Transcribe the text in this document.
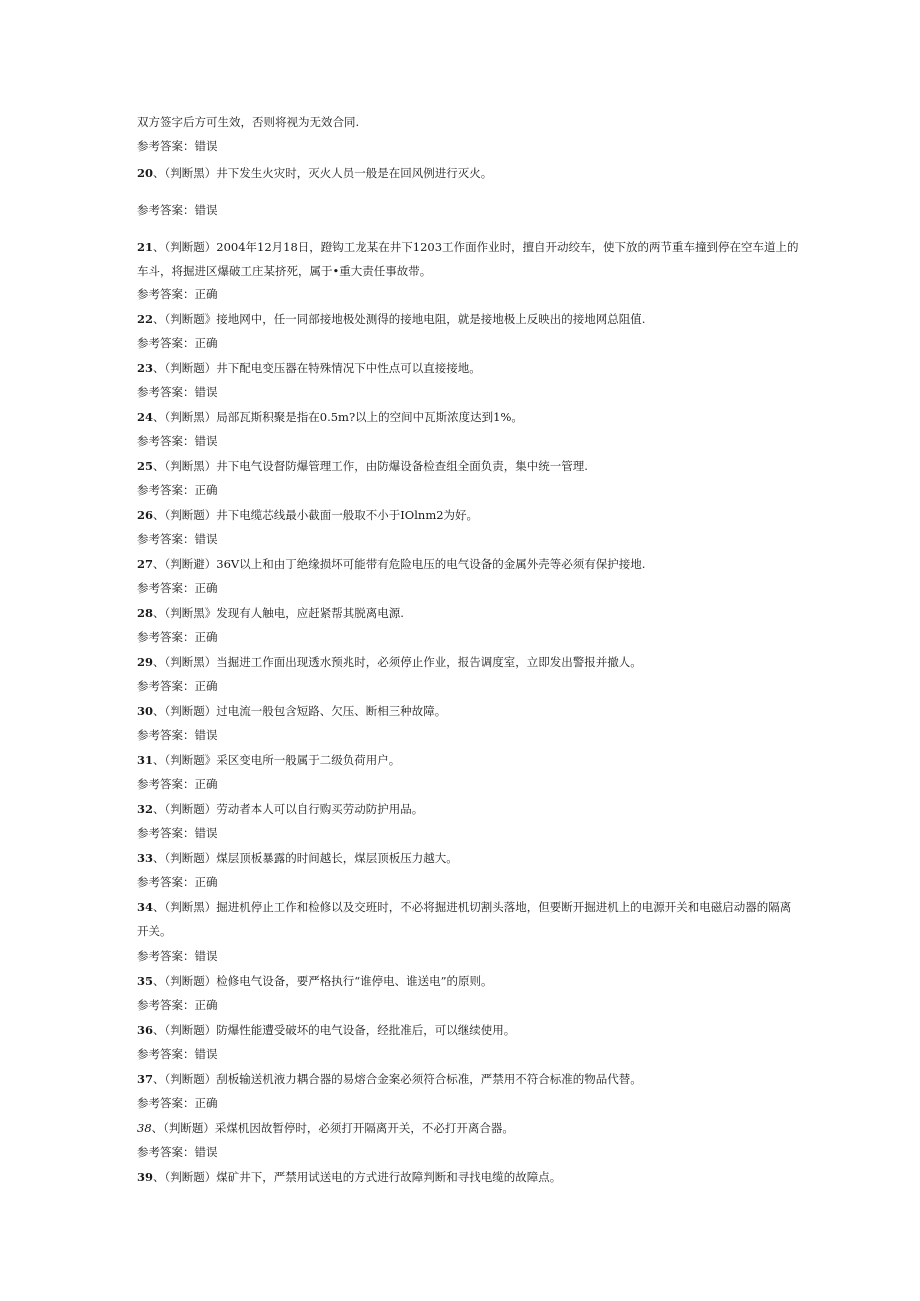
双方签字后方可生效，否则将视为无效合同.
参考答案：错误
20、（判断黑）井下发生火灾时，灭火人员一般是在回风例进行灭火。
参考答案：错误
21、（判断题）2004年12月18日，蹬钩工龙某在井下1203工作面作业时，擅自开动绞车，使下放的两节重车撞到停在空车道上的车斗，将掘进区爆破工庄某挤死，属于•重大责任事故带。
参考答案：正确
22、（判断题》接地网中，任一同部接地极处测得的接地电阻，就是接地极上反映出的接地网总阻值.
参考答案：正确
23、（判断题）井下配电变压器在特殊情况下中性点可以直接接地。
参考答案：错误
24、（判断黑）局部瓦斯积聚是指在0.5m?以上的空间中瓦斯浓度达到1%。
参考答案：错误
25、（判断黑）井下电气设督防爆管理工作，由防爆设备检查组全面负责，集中统一管理.
参考答案：正确
26、（判断题）井下电缆芯线最小截面一般取不小于IOlnm2为好。
参考答案：错误
27、（判断避）36V以上和由丁绝缘损坏可能带有危险电压的电气设备的金属外壳等必须有保护接地.
参考答案：正确
28、（判断黑》发现有人触电，应赶紧帮其脱离电源.
参考答案：正确
29、（判断黑）当掘进工作面出现透水预兆时，必须停止作业，报告调度室，立即发出警报并撤人。
参考答案：正确
30、（判断题）过电流一般包含短路、欠压、断相三种故障。
参考答案：错误
31、（判断题》采区变电所一般属于二级负荷用户。
参考答案：正确
32、（判断题）劳动者本人可以自行购买劳动防护用品。
参考答案：错误
33、（判断题）煤层顶板暴露的时间越长，煤层顶板压力越大。
参考答案：正确
34、（判断黑）掘进机停止工作和检修以及交班时，不必将掘进机切割头落地，但要断开掘进机上的电源开关和电磁启动器的隔离开关。
参考答案：错误
35、（判断题）检修电气设备，要严格执行“谁停电、谁送电”的原则。
参考答案：正确
36、（判断题）防爆性能遭受破坏的电气设备，经批准后，可以继续使用。
参考答案：错误
37、（判断题）刮板输送机液力耦合器的易熔合金案必须符合标准，严禁用不符合标准的物品代替。
参考答案：正确
38、（判断题）采煤机因故暂停时，必须打开隔离开关，不必打开离合器。
参考答案：错误
39、（判断题）煤矿井下，严禁用试送电的方式进行故障判断和寻找电缆的故障点。
